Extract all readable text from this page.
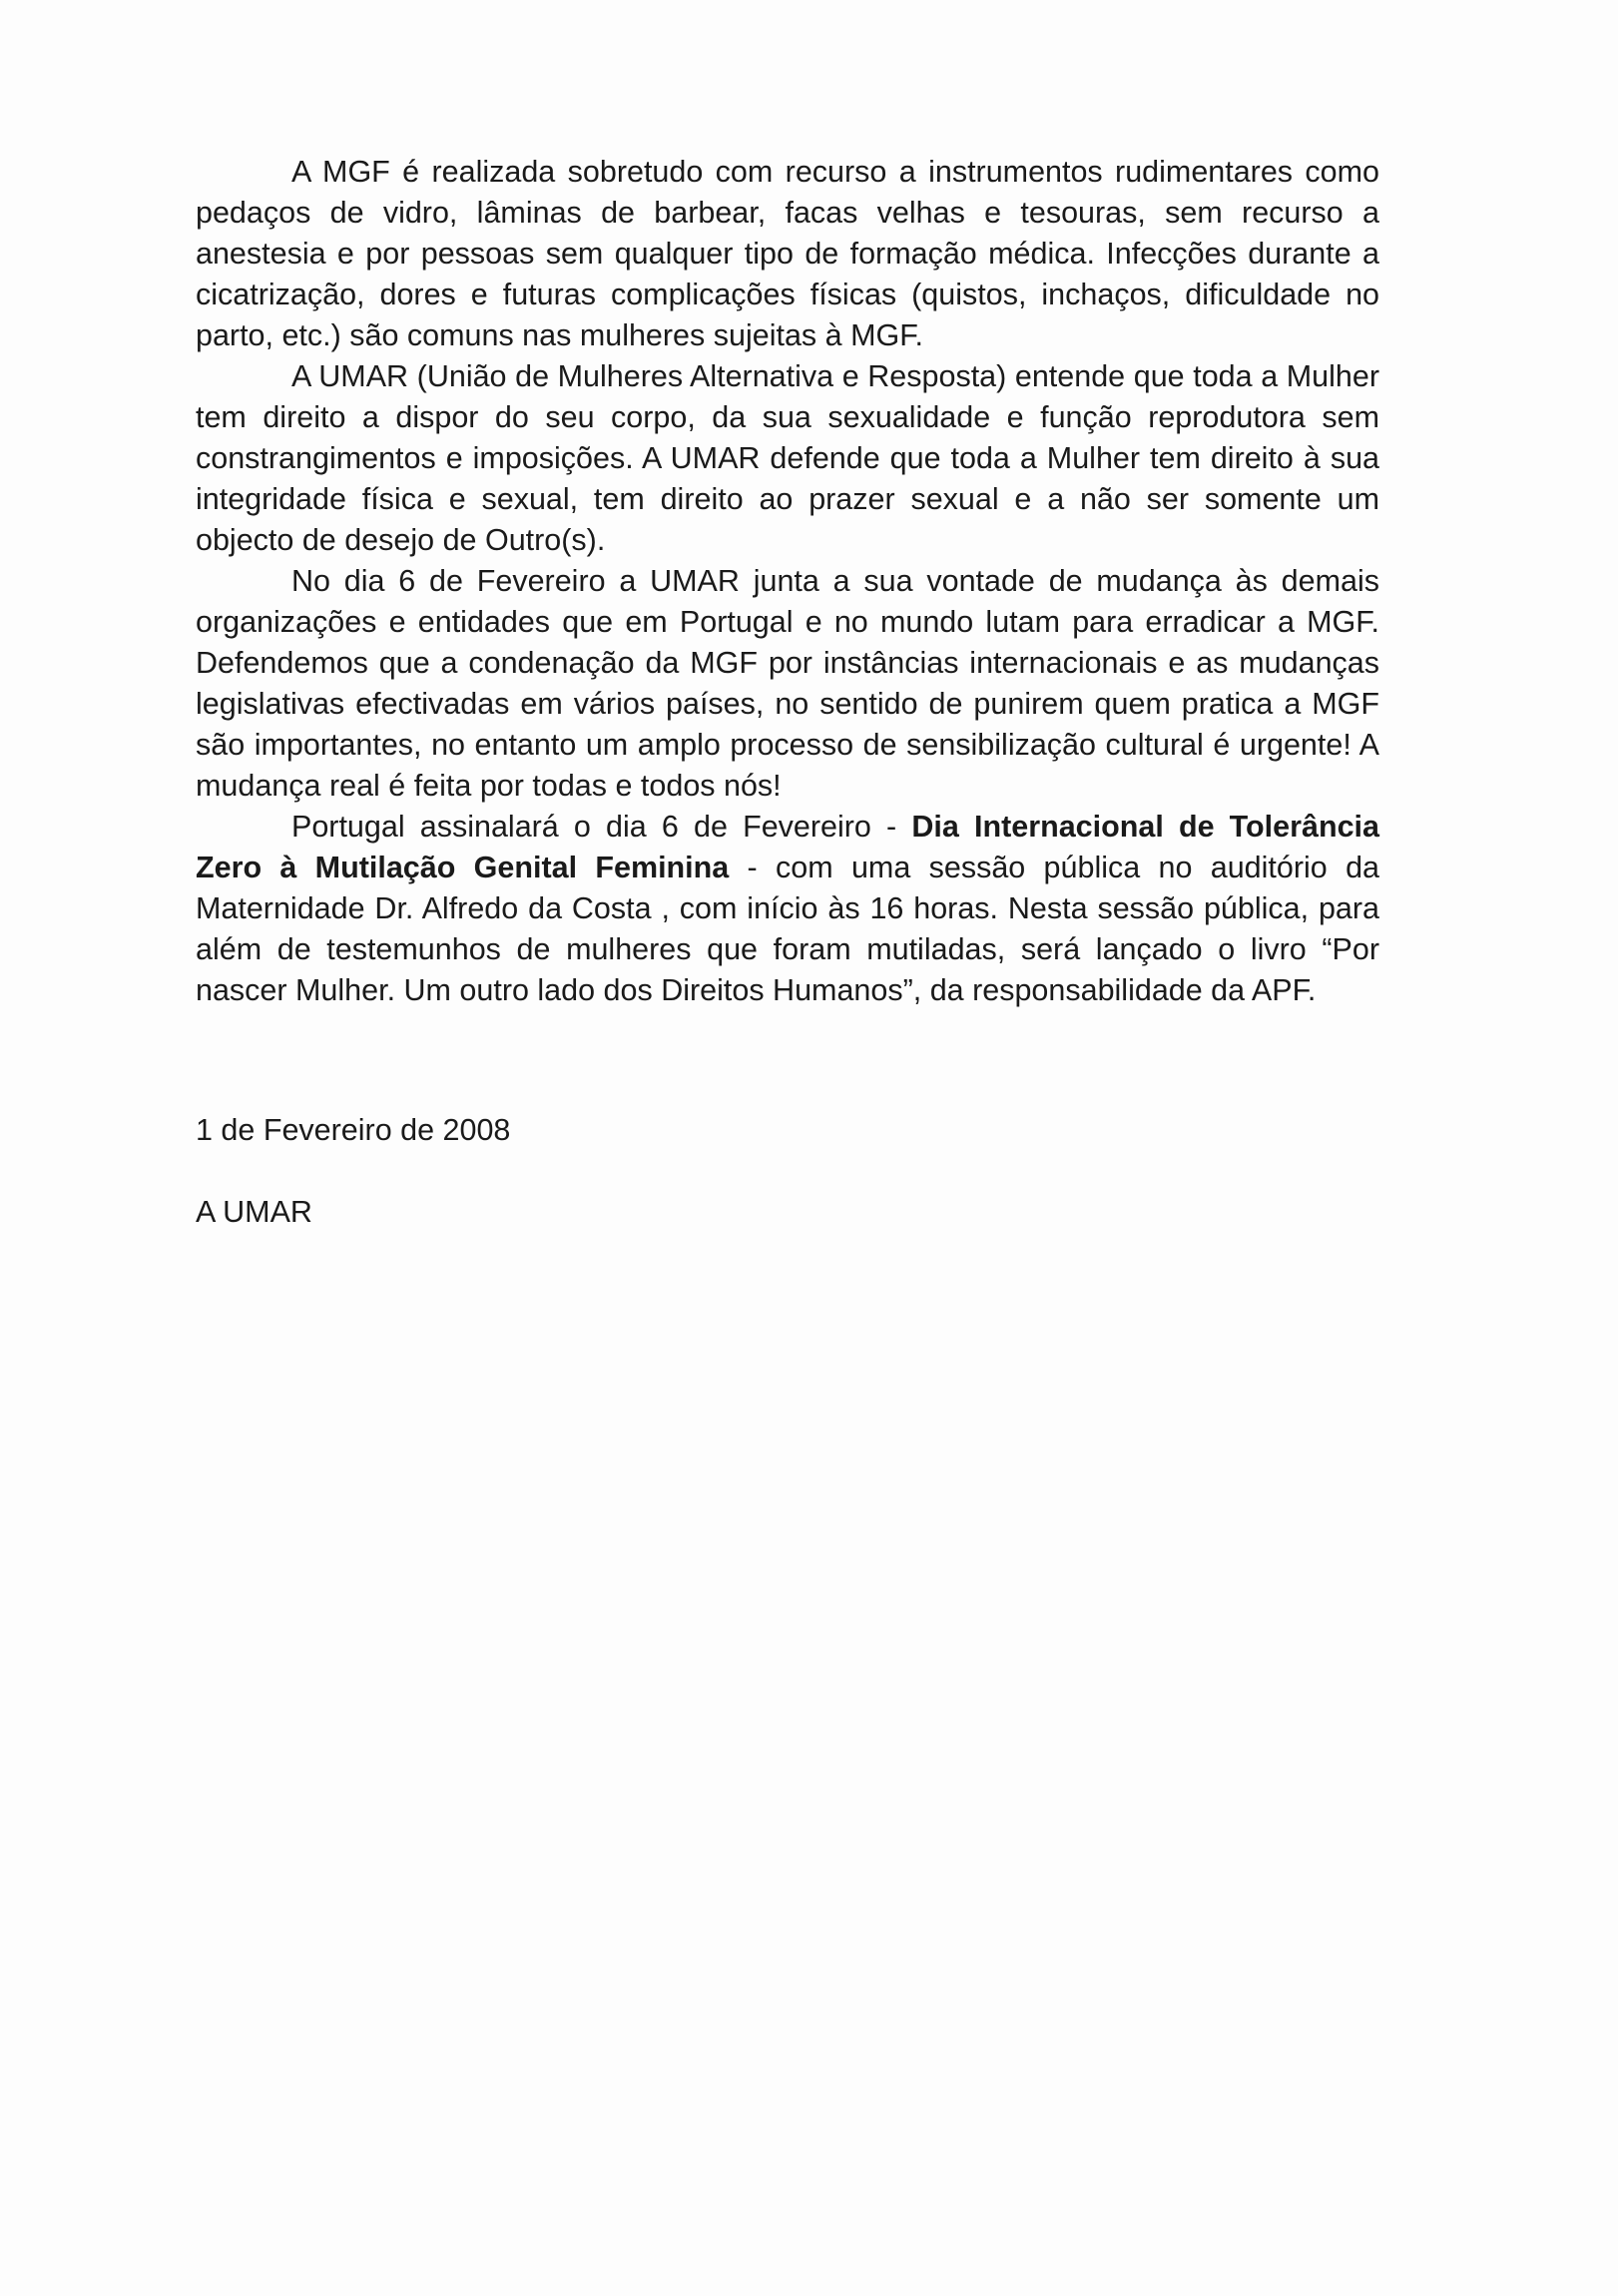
A MGF é realizada sobretudo com recurso a instrumentos rudimentares como pedaços de vidro, lâminas de barbear, facas velhas e tesouras, sem recurso a anestesia e por pessoas sem qualquer tipo de formação médica. Infecções durante a cicatrização, dores e futuras complicações físicas (quistos, inchaços, dificuldade no parto, etc.) são comuns nas mulheres sujeitas à MGF.

A UMAR (União de Mulheres Alternativa e Resposta) entende que toda a Mulher tem direito a dispor do seu corpo, da sua sexualidade e função reprodutora sem constrangimentos e imposições. A UMAR defende que toda a Mulher tem direito à sua integridade física e sexual, tem direito ao prazer sexual e a não ser somente um objecto de desejo de Outro(s).

No dia 6 de Fevereiro a UMAR junta a sua vontade de mudança às demais organizações e entidades que em Portugal e no mundo lutam para erradicar a MGF. Defendemos que a condenação da MGF por instâncias internacionais e as mudanças legislativas efectivadas em vários países, no sentido de punirem quem pratica a MGF são importantes, no entanto um amplo processo de sensibilização cultural é urgente! A mudança real é feita por todas e todos nós!

Portugal assinalará o dia 6 de Fevereiro - Dia Internacional de Tolerância Zero à Mutilação Genital Feminina - com uma sessão pública no auditório da Maternidade Dr. Alfredo da Costa , com início às 16 horas. Nesta sessão pública, para além de testemunhos de mulheres que foram mutiladas, será lançado o livro “Por nascer Mulher. Um outro lado dos Direitos Humanos”, da responsabilidade da APF.

1 de Fevereiro de 2008

A UMAR
